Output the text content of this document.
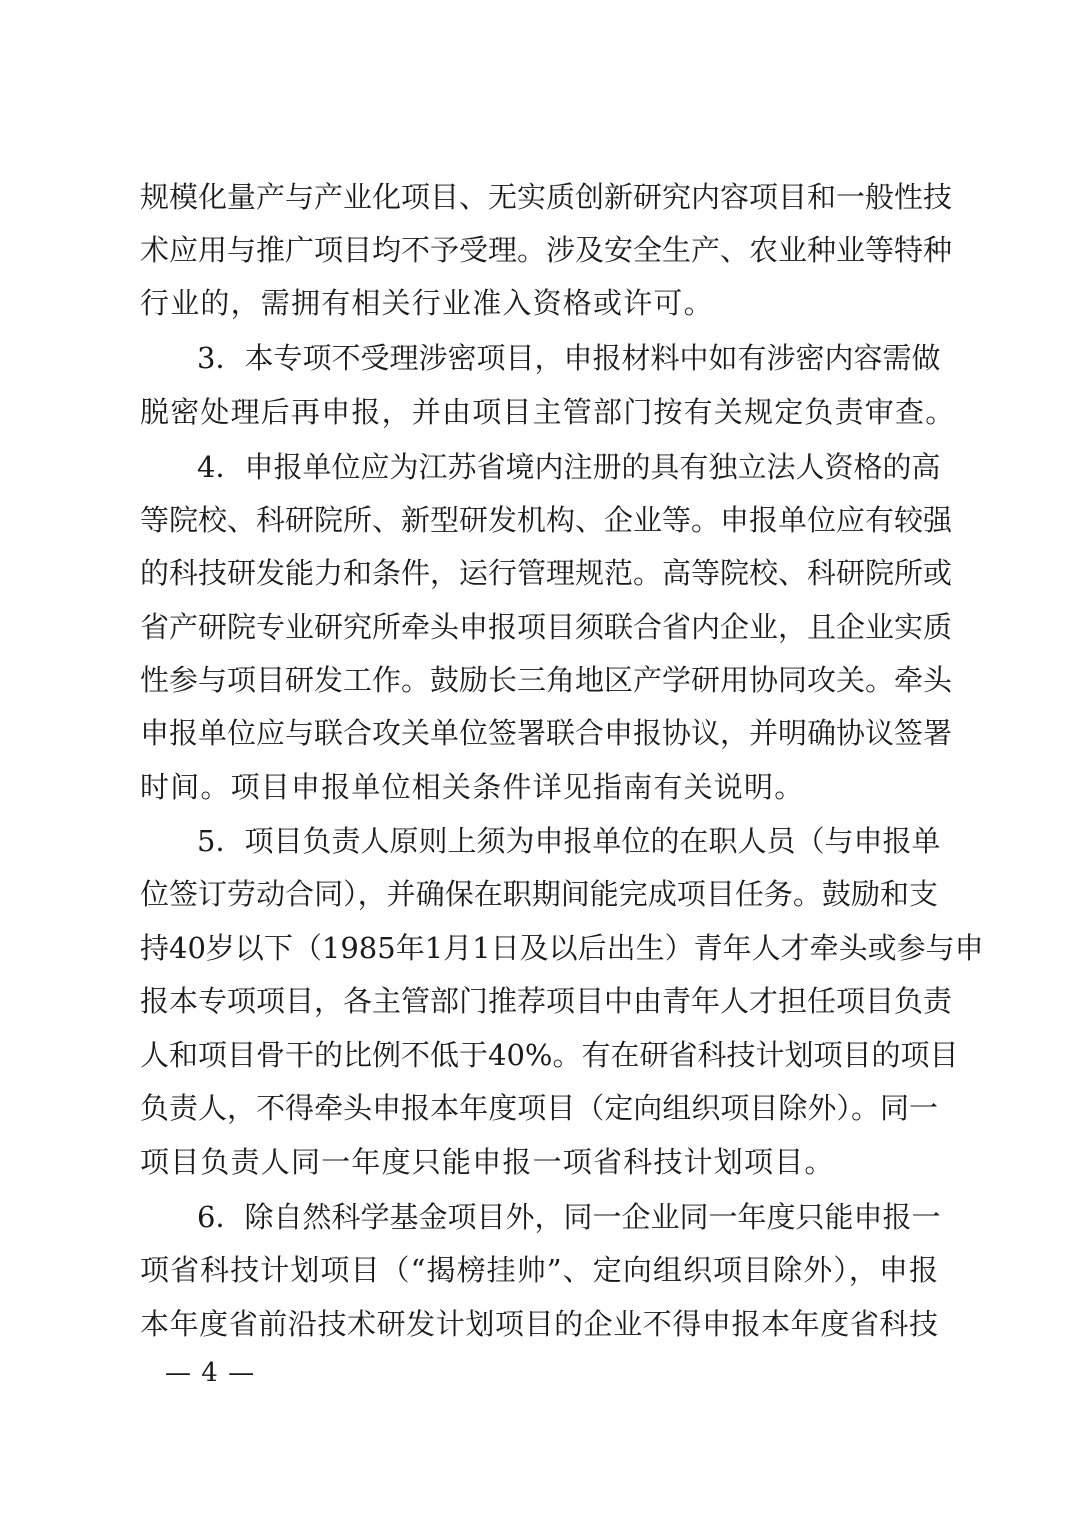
规模化量产与产业化项目、无实质创新研究内容项目和一般性技
术应用与推广项目均不予受理。涉及安全生产、农业种业等特种
行业的，需拥有相关行业准入资格或许可。
3．本专项不受理涉密项目，申报材料中如有涉密内容需做
脱密处理后再申报，并由项目主管部门按有关规定负责审查。
4．申报单位应为江苏省境内注册的具有独立法人资格的高
等院校、科研院所、新型研发机构、企业等。申报单位应有较强
的科技研发能力和条件，运行管理规范。高等院校、科研院所或
省产研院专业研究所牵头申报项目须联合省内企业，且企业实质
性参与项目研发工作。鼓励长三角地区产学研用协同攻关。牵头
申报单位应与联合攻关单位签署联合申报协议，并明确协议签署
时间。项目申报单位相关条件详见指南有关说明。
5．项目负责人原则上须为申报单位的在职人员（与申报单
位签订劳动合同），并确保在职期间能完成项目任务。鼓励和支
持40岁以下（1985年1月1日及以后出生）青年人才牵头或参与申
报本专项项目，各主管部门推荐项目中由青年人才担任项目负责
人和项目骨干的比例不低于40%。有在研省科技计划项目的项目
负责人，不得牵头申报本年度项目（定向组织项目除外）。同一
项目负责人同一年度只能申报一项省科技计划项目。
6．除自然科学基金项目外，同一企业同一年度只能申报一
项省科技计划项目（“揭榜挂帅”、定向组织项目除外），申报
本年度省前沿技术研发计划项目的企业不得申报本年度省科技
— 4 —
